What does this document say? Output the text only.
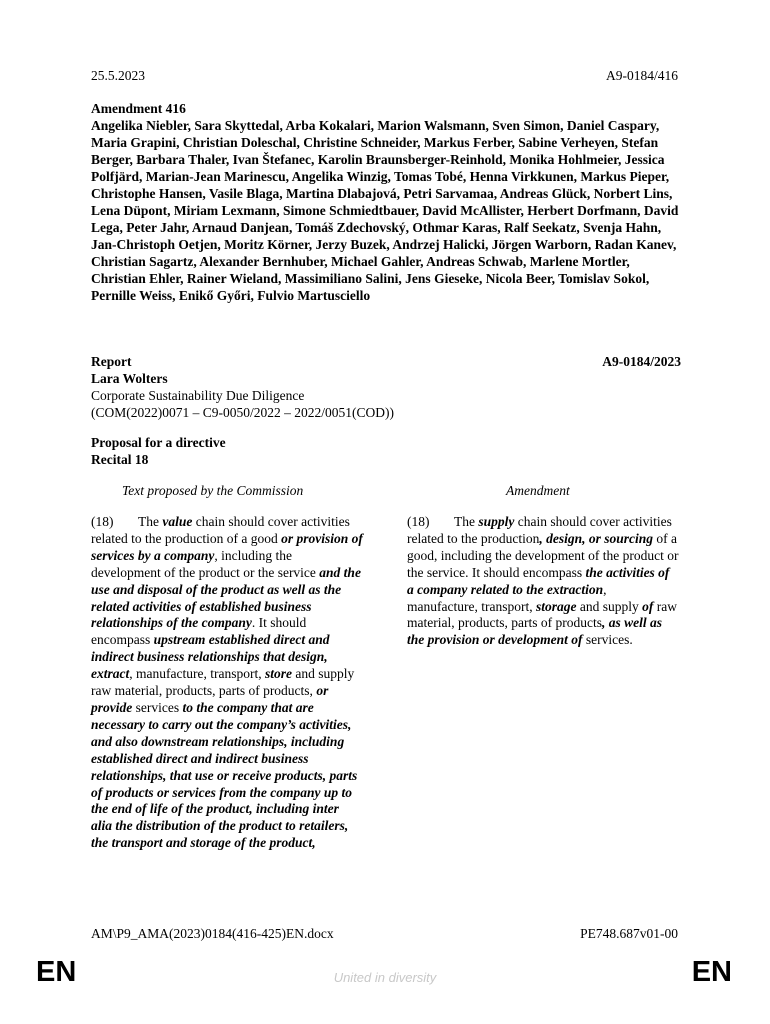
25.5.2023	A9-0184/416
Amendment 416
Angelika Niebler, Sara Skyttedal, Arba Kokalari, Marion Walsmann, Sven Simon, Daniel Caspary, Maria Grapini, Christian Doleschal, Christine Schneider, Markus Ferber, Sabine Verheyen, Stefan Berger, Barbara Thaler, Ivan Štefanec, Karolin Braunsberger-Reinhold, Monika Hohlmeier, Jessica Polfjärd, Marian-Jean Marinescu, Angelika Winzig, Tomas Tobé, Henna Virkkunen, Markus Pieper, Christophe Hansen, Vasile Blaga, Martina Dlabajová, Petri Sarvamaa, Andreas Glück, Norbert Lins, Lena Düpont, Miriam Lexmann, Simone Schmiedtbauer, David McAllister, Herbert Dorfmann, David Lega, Peter Jahr, Arnaud Danjean, Tomáš Zdechovský, Othmar Karas, Ralf Seekatz, Svenja Hahn, Jan-Christoph Oetjen, Moritz Körner, Jerzy Buzek, Andrzej Halicki, Jörgen Warborn, Radan Kanev, Christian Sagartz, Alexander Bernhuber, Michael Gahler, Andreas Schwab, Marlene Mortler, Christian Ehler, Rainer Wieland, Massimiliano Salini, Jens Gieseke, Nicola Beer, Tomislav Sokol, Pernille Weiss, Enikő Győri, Fulvio Martusciello
Report	A9-0184/2023
Lara Wolters
Corporate Sustainability Due Diligence
(COM(2022)0071 – C9-0050/2022 – 2022/0051(COD))
Proposal for a directive
Recital 18
Text proposed by the Commission	Amendment
(18) The value chain should cover activities related to the production of a good or provision of services by a company, including the development of the product or the service and the use and disposal of the product as well as the related activities of established business relationships of the company. It should encompass upstream established direct and indirect business relationships that design, extract, manufacture, transport, store and supply raw material, products, parts of products, or provide services to the company that are necessary to carry out the company’s activities, and also downstream relationships, including established direct and indirect business relationships, that use or receive products, parts of products or services from the company up to the end of life of the product, including inter alia the distribution of the product to retailers, the transport and storage of the product,
(18) The supply chain should cover activities related to the production, design, or sourcing of a good, including the development of the product or the service. It should encompass the activities of a company related to the extraction, manufacture, transport, storage and supply of raw material, products, parts of products, as well as the provision or development of services.
AM\P9_AMA(2023)0184(416-425)EN.docx	PE748.687v01-00
EN	United in diversity	EN
